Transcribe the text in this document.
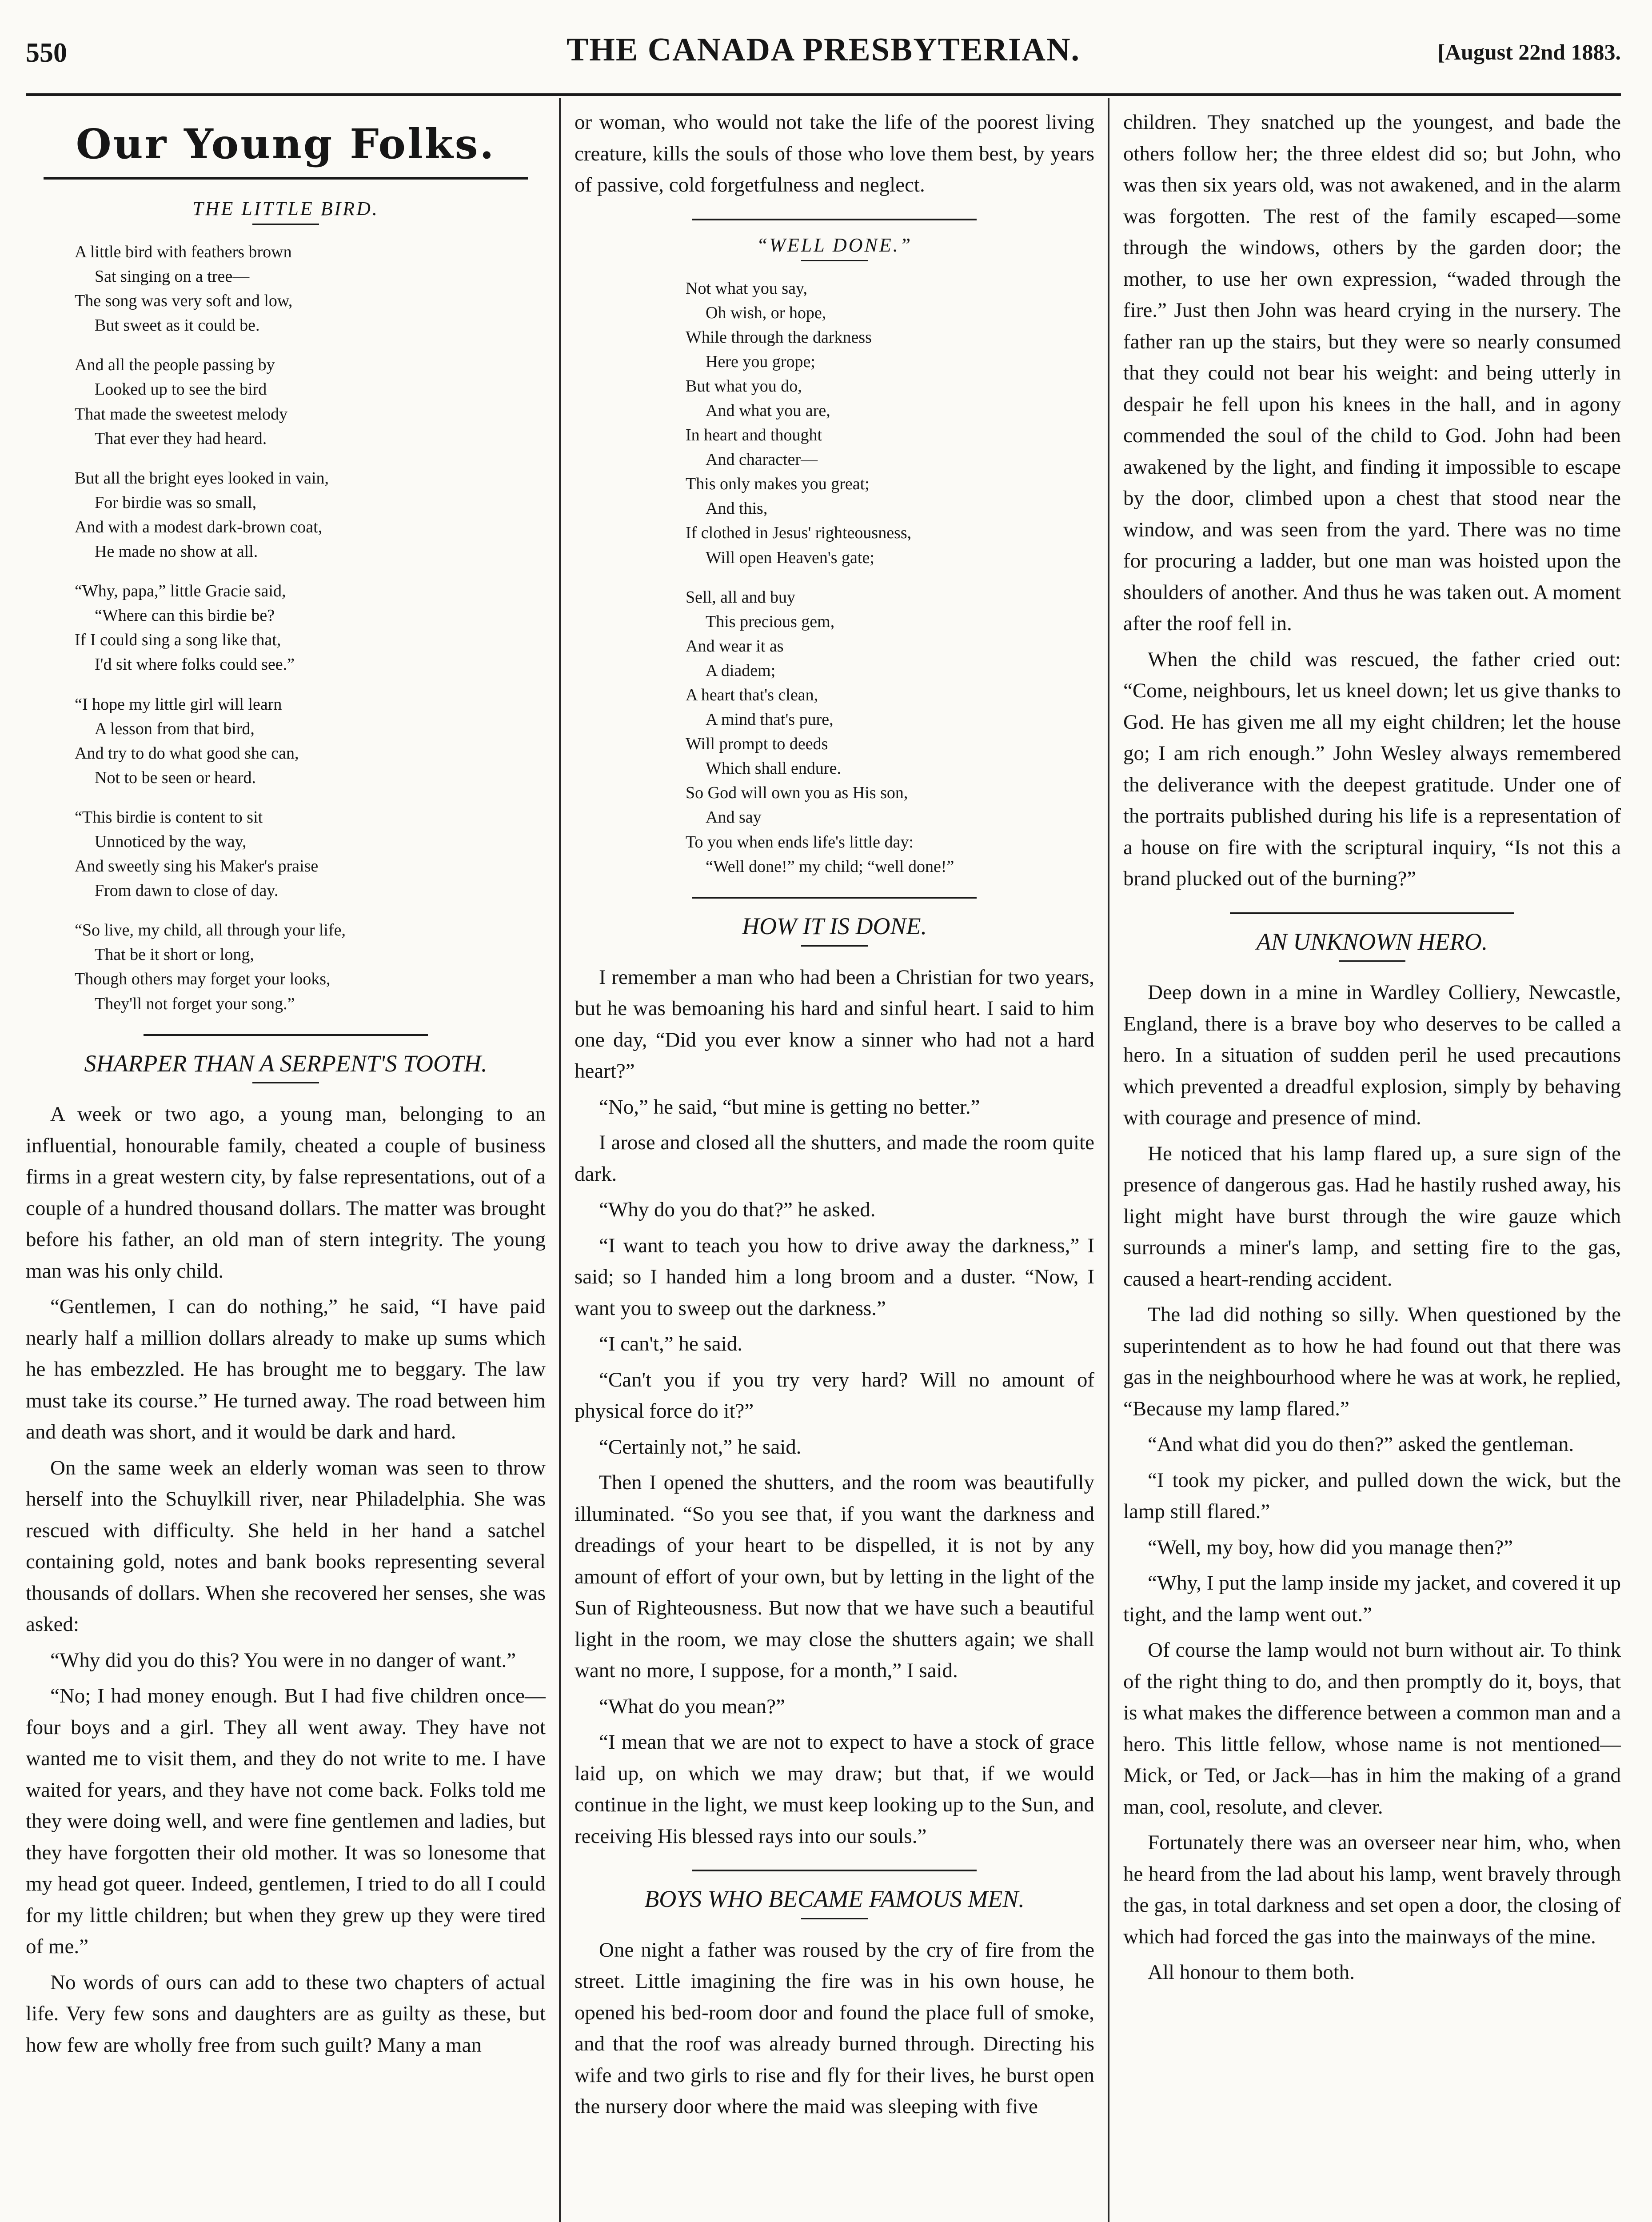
550	THE CANADA PRESBYTERIAN.	[August 22nd 1883.
Our Young Folks.
THE LITTLE BIRD.
A little bird with feathers brown
Sat singing on a tree—
The song was very soft and low,
But sweet as it could be.
And all the people passing by
Looked up to see the bird
That made the sweetest melody
That ever they had heard.
But all the bright eyes looked in vain,
For birdie was so small,
And with a modest dark-brown coat,
He made no show at all.
“Why, papa,” little Gracie said,
“Where can this birdie be?
If I could sing a song like that,
I'd sit where folks could see.”
“I hope my little girl will learn
A lesson from that bird,
And try to do what good she can,
Not to be seen or heard.
“This birdie is content to sit
Unnoticed by the way,
And sweetly sing his Maker's praise
From dawn to close of day.
“So live, my child, all through your life,
That be it short or long,
Though others may forget your looks,
They'll not forget your song.”
SHARPER THAN A SERPENT'S TOOTH.

A week or two ago, a young man, belonging to an influential, honourable family, cheated a couple of business firms in a great western city, by false representations, out of a couple of a hundred thousand dollars. The matter was brought before his father, an old man of stern integrity. The young man was his only child.

“Gentlemen, I can do nothing,” he said, “I have paid nearly half a million dollars already to make up sums which he has embezzled. He has brought me to beggary. The law must take its course.” He turned away. The road between him and death was short, and it would be dark and hard.

On the same week an elderly woman was seen to throw herself into the Schuylkill river, near Philadelphia. She was rescued with difficulty. She held in her hand a satchel containing gold, notes and bank books representing several thousands of dollars. When she recovered her senses, she was asked:

“Why did you do this? You were in no danger of want.”

“No; I had money enough. But I had five children once—four boys and a girl. They all went away. They have not wanted me to visit them, and they do not write to me. I have waited for years, and they have not come back. Folks told me they were doing well, and were fine gentlemen and ladies, but they have forgotten their old mother. It was so lonesome that my head got queer. Indeed, gentlemen, I tried to do all I could for my little children; but when they grew up they were tired of me.”

No words of ours can add to these two chapters of actual life. Very few sons and daughters are as guilty as these, but how few are wholly free from such guilt? Many a man

or woman, who would not take the life of the poorest living creature, kills the souls of those who love them best, by years of passive, cold forgetfulness and neglect.

“WELL DONE.”
Not what you say,
Oh wish, or hope,
While through the darkness
Here you grope;
But what you do,
And what you are,
In heart and thought
And character—
This only makes you great;
And this,
If clothed in Jesus' righteousness,
Will open Heaven's gate;
Sell, all and buy
This precious gem,
And wear it as
A diadem;
A heart that's clean,
A mind that's pure,
Will prompt to deeds
Which shall endure.
So God will own you as His son,
And say
To you when ends life's little day:
“Well done!” my child; “well done!”
HOW IT IS DONE.

I remember a man who had been a Christian for two years, but he was bemoaning his hard and sinful heart. I said to him one day, “Did you ever know a sinner who had not a hard heart?”

“No,” he said, “but mine is getting no better.”

I arose and closed all the shutters, and made the room quite dark.

“Why do you do that?” he asked.

“I want to teach you how to drive away the darkness,” I said; so I handed him a long broom and a duster. “Now, I want you to sweep out the darkness.”

“I can't,” he said.

“Can't you if you try very hard? Will no amount of physical force do it?”

“Certainly not,” he said.

Then I opened the shutters, and the room was beautifully illuminated. “So you see that, if you want the darkness and dreadings of your heart to be dispelled, it is not by any amount of effort of your own, but by letting in the light of the Sun of Righteousness. But now that we have such a beautiful light in the room, we may close the shutters again; we shall want no more, I suppose, for a month,” I said.

“What do you mean?”

“I mean that we are not to expect to have a stock of grace laid up, on which we may draw; but that, if we would continue in the light, we must keep looking up to the Sun, and receiving His blessed rays into our souls.”

BOYS WHO BECAME FAMOUS MEN.

One night a father was roused by the cry of fire from the street. Little imagining the fire was in his own house, he opened his bed-room door and found the place full of smoke, and that the roof was already burned through. Directing his wife and two girls to rise and fly for their lives, he burst open the nursery door where the maid was sleeping with five

children. They snatched up the youngest, and bade the others follow her; the three eldest did so; but John, who was then six years old, was not awakened, and in the alarm was forgotten. The rest of the family escaped—some through the windows, others by the garden door; the mother, to use her own expression, “waded through the fire.” Just then John was heard crying in the nursery. The father ran up the stairs, but they were so nearly consumed that they could not bear his weight: and being utterly in despair he fell upon his knees in the hall, and in agony commended the soul of the child to God. John had been awakened by the light, and finding it impossible to escape by the door, climbed upon a chest that stood near the window, and was seen from the yard. There was no time for procuring a ladder, but one man was hoisted upon the shoulders of another. And thus he was taken out. A moment after the roof fell in.

When the child was rescued, the father cried out: “Come, neighbours, let us kneel down; let us give thanks to God. He has given me all my eight children; let the house go; I am rich enough.” John Wesley always remembered the deliverance with the deepest gratitude. Under one of the portraits published during his life is a representation of a house on fire with the scriptural inquiry, “Is not this a brand plucked out of the burning?”

AN UNKNOWN HERO.

Deep down in a mine in Wardley Colliery, Newcastle, England, there is a brave boy who deserves to be called a hero. In a situation of sudden peril he used precautions which prevented a dreadful explosion, simply by behaving with courage and presence of mind.

He noticed that his lamp flared up, a sure sign of the presence of dangerous gas. Had he hastily rushed away, his light might have burst through the wire gauze which surrounds a miner's lamp, and setting fire to the gas, caused a heart-rending accident.

The lad did nothing so silly. When questioned by the superintendent as to how he had found out that there was gas in the neighbourhood where he was at work, he replied, “Because my lamp flared.”

“And what did you do then?” asked the gentleman.

“I took my picker, and pulled down the wick, but the lamp still flared.”

“Well, my boy, how did you manage then?”

“Why, I put the lamp inside my jacket, and covered it up tight, and the lamp went out.”

Of course the lamp would not burn without air. To think of the right thing to do, and then promptly do it, boys, that is what makes the difference between a common man and a hero. This little fellow, whose name is not mentioned—Mick, or Ted, or Jack—has in him the making of a grand man, cool, resolute, and clever.

Fortunately there was an overseer near him, who, when he heard from the lad about his lamp, went bravely through the gas, in total darkness and set open a door, the closing of which had forced the gas into the mainways of the mine.

All honour to them both.
